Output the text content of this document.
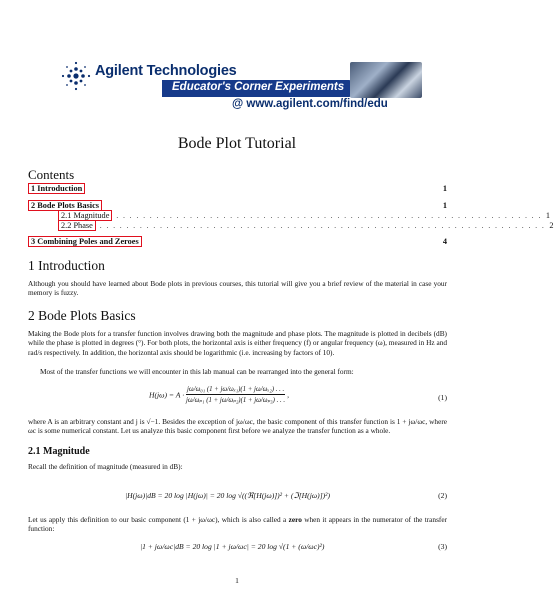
Agilent Technologies
Educator's Corner Experiments
@ www.agilent.com/find/edu
Bode Plot Tutorial
Contents
1 Introduction	1
2 Bode Plots Basics	1
2.1 Magnitude	. . . . . . . . . . . . . . . . . . . . . . . . . . . . . . . . . . . . . . . . . . . . . . . . . . . . . . . . . . . . . . . . 1
2.2 Phase	. . . . . . . . . . . . . . . . . . . . . . . . . . . . . . . . . . . . . . . . . . . . . . . . . . . . . . . . . . . . . . . . . . . 2
3 Combining Poles and Zeroes	4
1 Introduction
Although you should have learned about Bode plots in previous courses, this tutorial will give you a brief review of the material in case your memory is fuzzy.
2 Bode Plots Basics
Making the Bode plots for a transfer function involves drawing both the magnitude and phase plots. The magnitude is plotted in decibels (dB) while the phase is plotted in degrees (°). For both plots, the horizontal axis is either frequency (f) or angular frequency (ω), measured in Hz and rad/s respectively. In addition, the horizontal axis should be logarithmic (i.e. increasing by factors of 10).
Most of the transfer functions we will encounter in this lab manual can be rearranged into the general form:
$H(j\omega) = A \cdot \frac{\text{jω/ω₀₁ (1 + jω/ωₓ₁)(1 + jω/ωₓ₂) . . .}}{\text{jω/ωₚ₁ (1 + jω/ωₚ₂)(1 + jω/ωₚ₃) . . .}}$ ,	(1)
where A is an arbitrary constant and j is √−1. Besides the exception of jω/ωc, the basic component of this transfer function is 1 + jω/ωc, where ωc is some numerical constant. Let us analyze this basic component first before we analyze the transfer function as a whole.
2.1 Magnitude
Recall the definition of magnitude (measured in dB):
|H(jω)|dB = 20 log |H(jω)| = 20 log √((ℜ[H(jω)])² + (ℑ[H(jω)])²)	(2)
Let us apply this definition to our basic component (1 + jω/ωc), which is also called a zero when it appears in the numerator of the transfer function:
|1 + jω/ωc|dB = 20 log |1 + jω/ωc| = 20 log √(1 + (ω/ωc)²)	(3)
1
